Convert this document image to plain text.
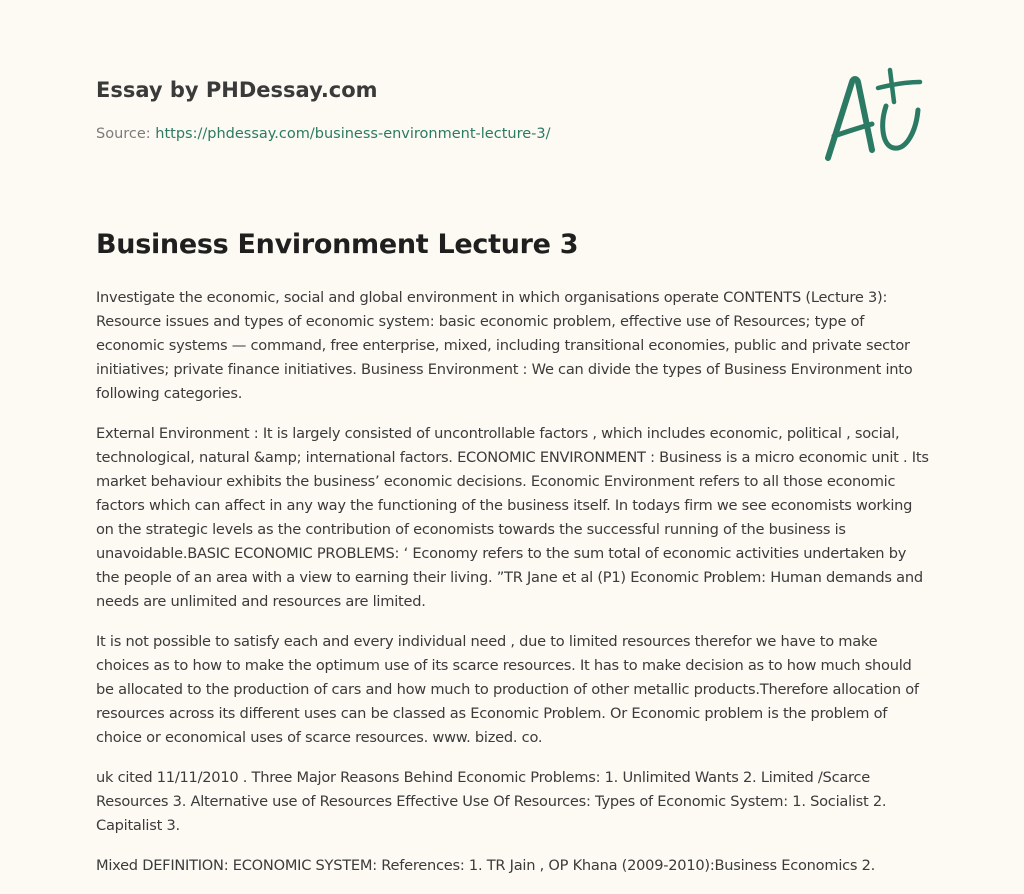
Essay by PHDessay.com
Source: https://phdessay.com/business-environment-lecture-3/
Business Environment Lecture 3

Investigate the economic, social and global environment in which organisations operate CONTENTS (Lecture 3): Resource issues and types of economic system: basic economic problem, effective use of Resources; type of economic systems — command, free enterprise, mixed, including transitional economies, public and private sector initiatives; private finance initiatives. Business Environment : We can divide the types of Business Environment into following categories.

External Environment : It is largely consisted of uncontrollable factors , which includes economic, political , social, technological, natural &amp; international factors. ECONOMIC ENVIRONMENT : Business is a micro economic unit . Its market behaviour exhibits the business’ economic decisions. Economic Environment refers to all those economic factors which can affect in any way the functioning of the business itself. In todays firm we see economists working on the strategic levels as the contribution of economists towards the successful running of the business is unavoidable.BASIC ECONOMIC PROBLEMS: ‘ Economy refers to the sum total of economic activities undertaken by the people of an area with a view to earning their living. ”TR Jane et al (P1) Economic Problem: Human demands and needs are unlimited and resources are limited.

It is not possible to satisfy each and every individual need , due to limited resources therefor we have to make choices as to how to make the optimum use of its scarce resources. It has to make decision as to how much should be allocated to the production of cars and how much to production of other metallic products.Therefore allocation of resources across its different uses can be classed as Economic Problem. Or Economic problem is the problem of choice or economical uses of scarce resources. www. bized. co.

uk cited 11/11/2010 . Three Major Reasons Behind Economic Problems: 1. Unlimited Wants 2. Limited /Scarce Resources 3. Alternative use of Resources Effective Use Of Resources: Types of Economic System: 1. Socialist 2. Capitalist 3.

Mixed DEFINITION: ECONOMIC SYSTEM: References: 1. TR Jain , OP Khana (2009-2010):Business Economics 2.
